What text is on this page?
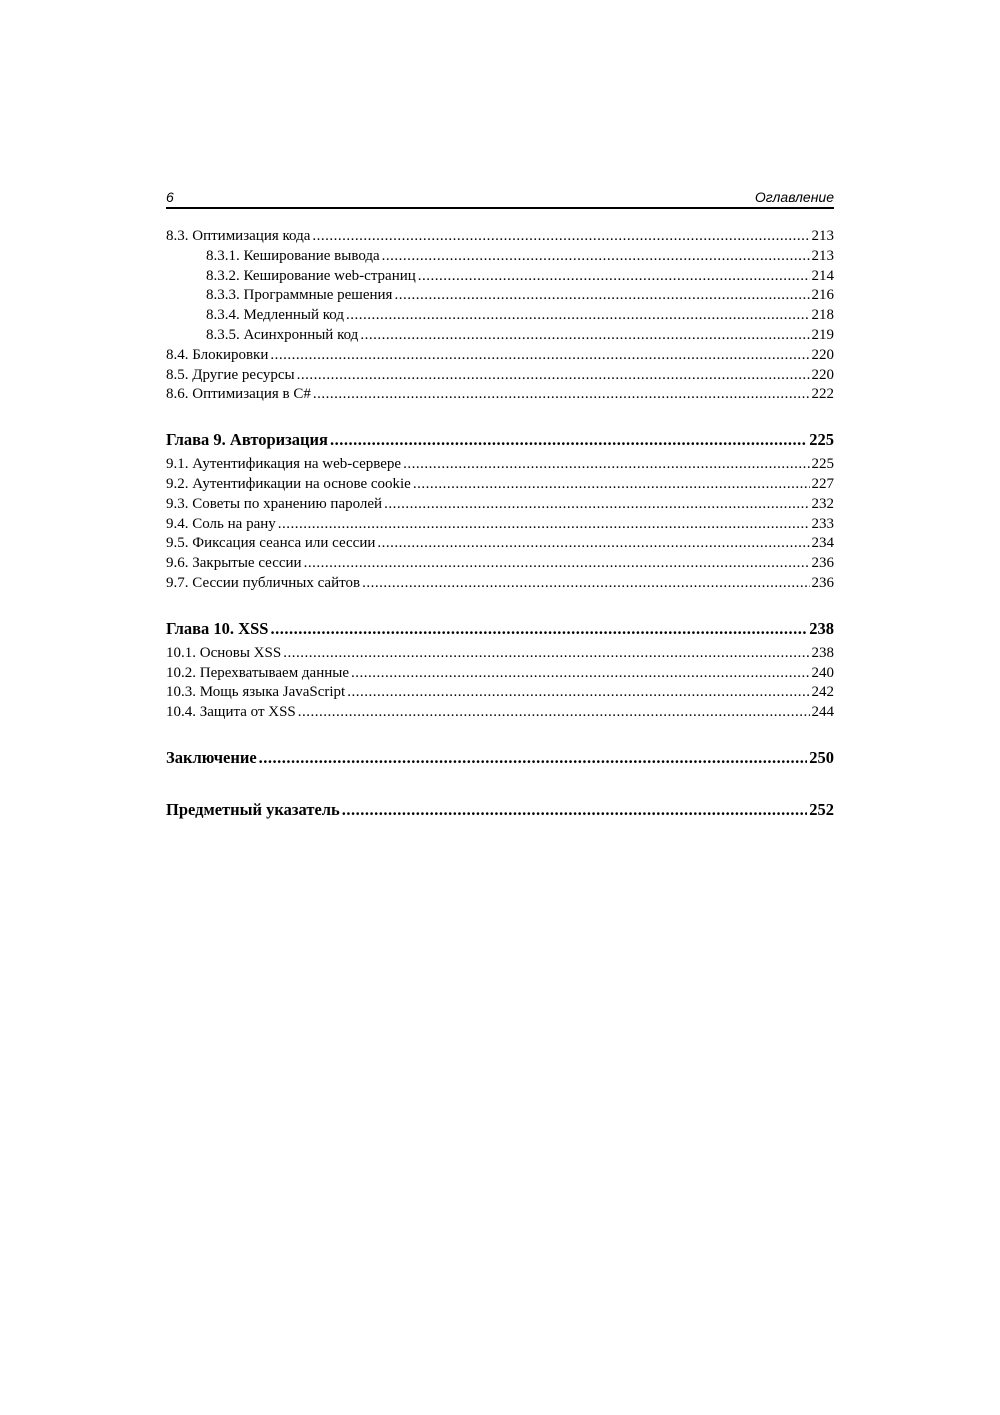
6	Оглавление
8.3. Оптимизация кода .....	213
8.3.1. Кеширование вывода .....	213
8.3.2. Кеширование web-страниц .....	214
8.3.3. Программные решения .....	216
8.3.4. Медленный код .....	218
8.3.5. Асинхронный код .....	219
8.4. Блокировки .....	220
8.5. Другие ресурсы .....	220
8.6. Оптимизация в C# .....	222
Глава 9. Авторизация .....	225
9.1. Аутентификация на web-сервере .....	225
9.2. Аутентификации на основе cookie .....	227
9.3. Советы по хранению паролей .....	232
9.4. Соль на рану .....	233
9.5. Фиксация сеанса или сессии .....	234
9.6. Закрытые сессии .....	236
9.7. Сессии публичных сайтов .....	236
Глава 10. XSS .....	238
10.1. Основы XSS .....	238
10.2. Перехватываем данные .....	240
10.3. Мощь языка JavaScript .....	242
10.4. Защита от XSS .....	244
Заключение .....	250
Предметный указатель .....	252
